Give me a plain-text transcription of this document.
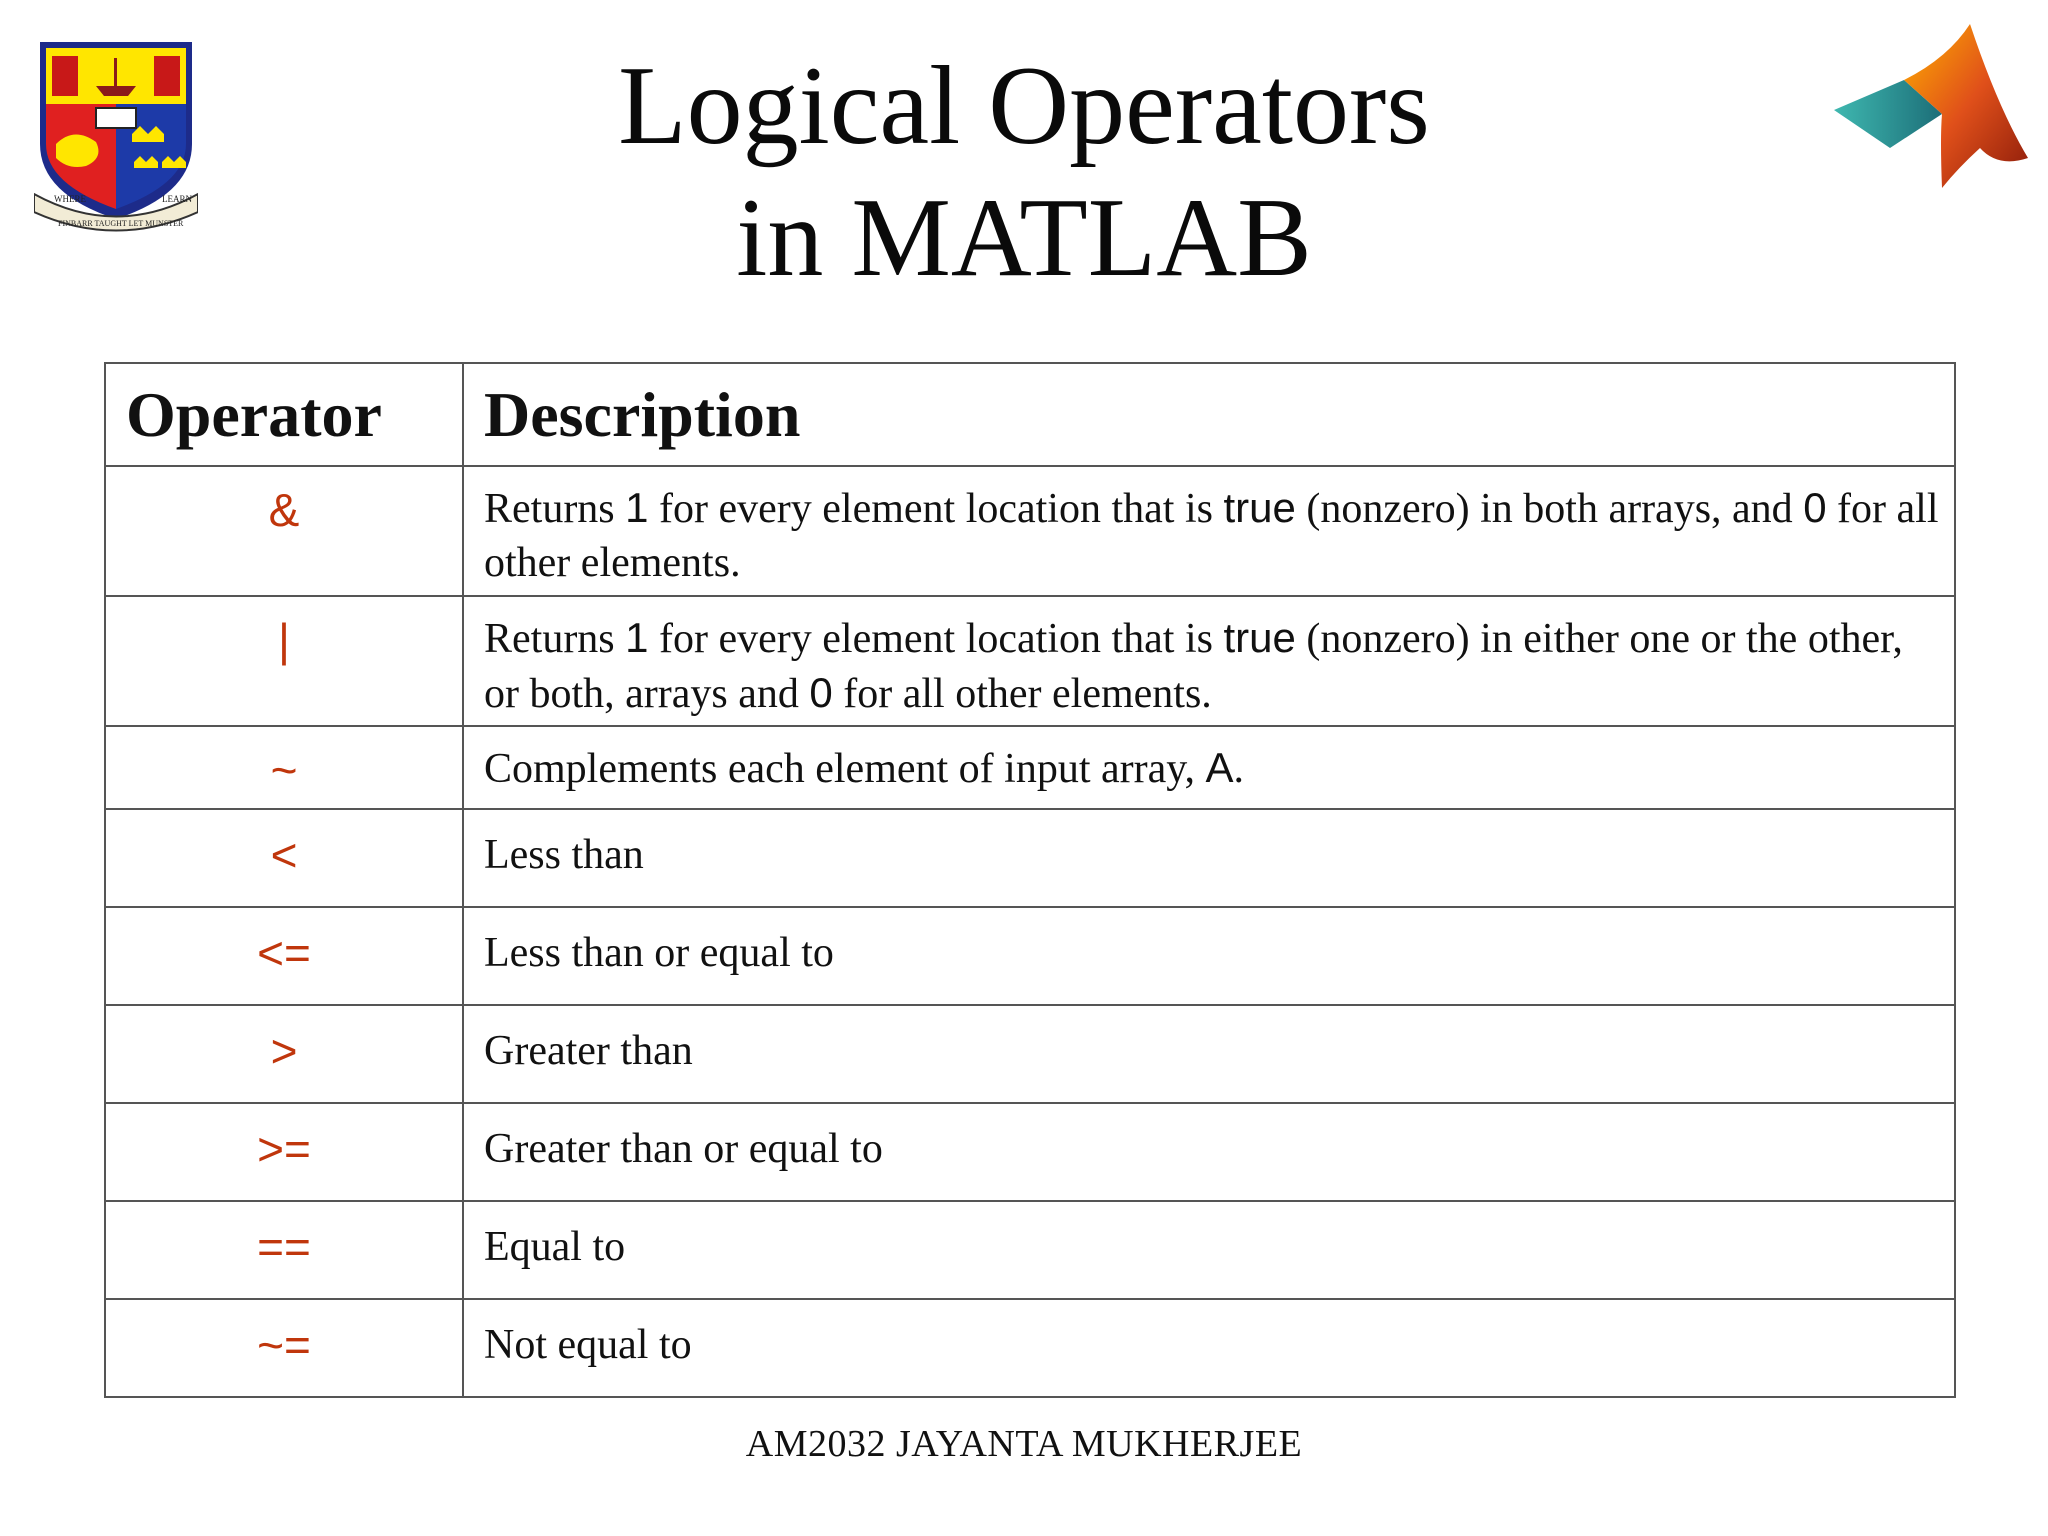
WHERE	LEARN
FINBARR TAUGHT LET MUNSTER
Logical Operators
in MATLAB
Operator	Description
&	Returns 1 for every element location that is true (nonzero) in both arrays, and 0 for all other elements.
|	Returns 1 for every element location that is true (nonzero) in either one or the other, or both, arrays and 0 for all other elements.
~	Complements each element of input array, A.
<	Less than
<=	Less than or equal to
>	Greater than
>=	Greater than or equal to
==	Equal to
~=	Not equal to
AM2032 JAYANTA MUKHERJEE
